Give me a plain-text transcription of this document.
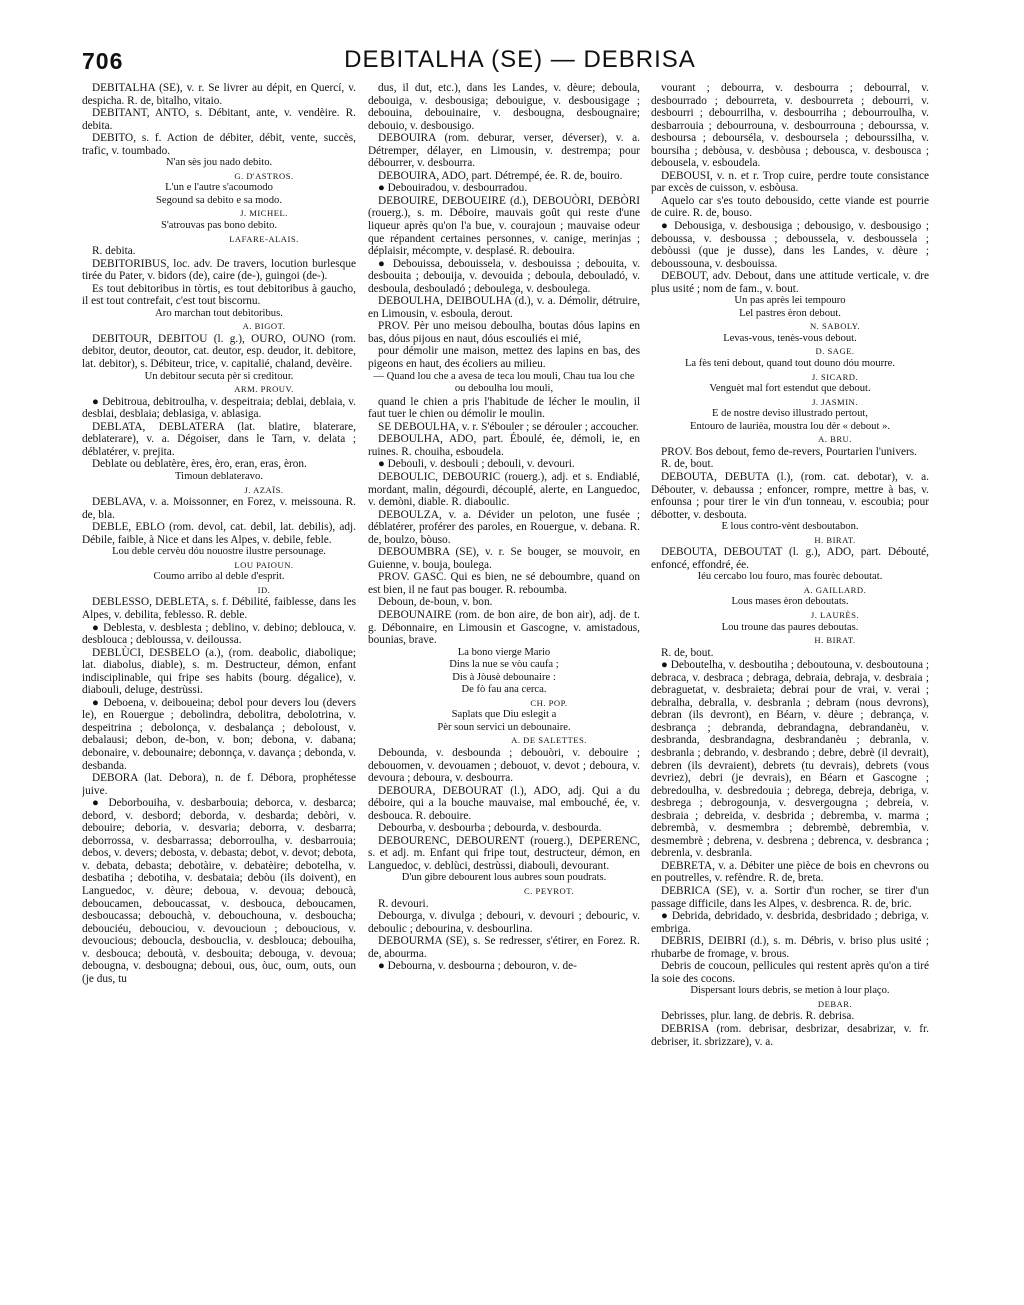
706	DEBITALHA (SE) — DEBRISA

DEBITALHA (SE), v. r. Se livrer au dépit, en Quercí, v. despicha. R. de, bitalho, vitaio.

DEBITANT, ANTO, s. Débitant, ante, v. vendèire. R. debita.

DEBITO, s. f. Action de débiter, débit, vente, succès, trafic, v. toumbado.

N'an sès jou nado debito.

G. D'ASTROS.

L'un e l'autre s'acoumodo

Segound sa debito e sa modo.

J. MICHEL.

S'atrouvas pas bono debito.

LAFARE-ALAIS.

R. debita.

DEBITORIBUS, loc. adv. De travers, locution burlesque tirée du Pater, v. bidors (de), caire (de-), guingoi (de-).

Es tout debitoribus in tòrtis, es tout debitoribus à gaucho, il est tout contrefait, c'est tout biscornu.

Aro marchan tout debitoribus.

A. BIGOT.

DEBITOUR, DEBITOU (l. g.), OURO, OUNO (rom. debitor, deutor, deoutor, cat. deutor, esp. deudor, it. debitore, lat. debitor), s. Débiteur, trice, v. capitalié, chaland, devèire.

Un debitour secuta pèr si creditour.

ARM. PROUV.

● Debitroua, debitroulha, v. despeitraia; deblai, deblaia, v. desblai, desblaia; deblasiga, v. ablasiga.

DEBLATA, DEBLATERA (lat. blatire, blaterare, deblaterare), v. a. Dégoiser, dans le Tarn, v. delata ; déblatérer, v. prejita.

Deblate ou deblatère, ères, èro, eran, eras, èron.

Timoun deblateravo.

J. AZAÏS.

DEBLAVA, v. a. Moissonner, en Forez, v. meissouna. R. de, bla.

DEBLE, EBLO (rom. devol, cat. debil, lat. debilis), adj. Débile, faible, à Nice et dans les Alpes, v. debile, feble.

Lou deble cervèu dóu nouostre ilustre persounage.

LOU PAIOUN.

Coumo arribo al deble d'esprit.

ID.

DEBLESSO, DEBLETA, s. f. Débilité, faiblesse, dans les Alpes, v. debilita, feblesso. R. deble.

● Deblesta, v. desblesta ; deblino, v. debino; deblouca, v. desblouca ; debloussa, v. deiloussa.

DEBLÙCI, DESBELO (a.), (rom. deabolic, diabolique; lat. diabolus, diable), s. m. Destructeur, démon, enfant indisciplinable, qui fripe ses habits (bourg. dégalice), v. diabouli, deluge, destrùssi.

● Deboena, v. deiboueina; debol pour devers lou (devers le), en Rouergue ; debolindra, debolitra, debolotrina, v. despeitrina ; debolonça, v. desbalança ; deboloust, v. debalausi; debon, de-bon, v. bon; debona, v. dabana; debonaire, v. debounaire; debonnça, v. davança ; debonda, v. desbanda.

DEBORA (lat. Debora), n. de f. Débora, prophétesse juive.

● Deborbouiha, v. desbarbouia; deborca, v. desbarca; debord, v. desbord; deborda, v. desbarda; debòri, v. debouire; deboria, v. desvaria; deborra, v. desbarra; deborrossa, v. desbarrassa; deborroulha, v. desbarrouia; debos, v. devers; debosta, v. debasta; debot, v. devot; debota, v. debata, debasta; debotàire, v. debatèire; debotelha, v. desbatiha ; debotiha, v. desbataia; debòu (ils doivent), en Languedoc, v. dèure; deboua, v. devoua; deboucà, deboucamen, deboucassat, v. desbouca, deboucamen, desboucassa; debouchà, v. debouchouna, v. desboucha; debouciéu, debouciou, v. devoucioun ; deboucious, v. devoucious; deboucla, desbouclia, v. desblouca; debouiha, v. desbouca; deboutà, v. desbouita; debouga, v. devoua; debougna, v. desbougna; deboui, ous, òuc, oum, outs, oun (je dus, tu

dus, il dut, etc.), dans les Landes, v. dèure; deboula, debouiga, v. desbousiga; debouigue, v. desbousigage ; debouina, debouinaire, v. desbougna, desbougnaire; debouio, v. desbousigo.

DEBOUIRA (rom. deburar, verser, déverser), v. a. Détremper, délayer, en Limousin, v. destrempa; pour débourrer, v. desbourra.

DEBOUIRA, ADO, part. Détrempé, ée. R. de, bouiro.

● Debouiradou, v. desbourradou.

DEBOUIRE, DEBOUEIRE (d.), DEBOUÒRI, DEBÒRI (rouerg.), s. m. Déboire, mauvais goût qui reste d'une liqueur après qu'on l'a bue, v. courajoun ; mauvaise odeur que répandent certaines personnes, v. canige, merinjas ; déplaisir, mécompte, v. desplasé. R. debouira.

● Debouissa, debouissela, v. desbouissa ; debouita, v. desbouita ; debouija, v. devouida ; deboula, debouladó, v. desboula, desbouladó ; deboulega, v. desboulega.

DEBOULHA, DEIBOULHA (d.), v. a. Démolir, détruire, en Limousin, v. esboula, derout.

PROV. Pèr uno meisou deboulha, boutas dóus lapins en bas, dóus pijous en naut, dóus escouliés ei mié,

pour démolir une maison, mettez des lapins en bas, des pigeons en haut, des écoliers au milieu.

— Quand lou che a avesa de teca lou mouli, Chau tua lou che ou deboulha lou mouli,

quand le chien a pris l'habitude de lécher le moulin, il faut tuer le chien ou démolir le moulin.

SE DEBOULHA, v. r. S'ébouler ; se dérouler ; accoucher.

DEBOULHA, ADO, part. Éboulé, ée, démoli, ie, en ruines. R. chouiha, esboudela.

● Debouli, v. desbouli ; debouli, v. devouri.

DEBOULIC, DEBOURIC (rouerg.), adj. et s. Endiablé, mordant, malin, dégourdi, découplé, alerte, en Languedoc, v. demòni, diable. R. diabouliс.

DEBOULZA, v. a. Dévider un peloton, une fusée ; déblatérer, proférer des paroles, en Rouergue, v. debana. R. de, boulzo, bòuso.

DEBOUMBRA (SE), v. r. Se bouger, se mouvoir, en Guienne, v. bouja, boulega.

PROV. GASC. Qui es bien, ne sé deboumbre, quand on est bien, il ne faut pas bouger. R. reboumba.

Deboun, de-boun, v. bon.

DEBOUNAIRE (rom. de bon aire, de bon air), adj. de t. g. Débonnaire, en Limousin et Gascogne, v. amistadous, bounias, brave.

La bono vierge Mario

Dins la nue se vòu caufa ;

Dis à Jòusè debounaire :

De fò fau ana cerca.

CH. POP.

Saplats que Diu eslegit a

Pèr soun servici un debounaire.

A. DE SALETTES.

Debounda, v. desbounda ; debouòri, v. debouire ; debouomen, v. devouamen ; debouot, v. devot ; deboura, v. devoura ; deboura, v. desbourra.

DEBOURA, DEBOURAT (l.), ADO, adj. Qui a du déboire, qui a la bouche mauvaise, mal embouché, ée, v. desbouca. R. debouire.

Debourba, v. desbourba ; debourda, v. desbourda.

DEBOURENC, DEBOURENT (rouerg.), DEPERENC, s. et adj. m. Enfant qui fripe tout, destructeur, démon, en Languedoc, v. deblùci, destrùssi, diabouli, devourant.

D'un gibre debourent lous aubres soun poudrats.

C. PEYROT.

R. devouri.

Debourga, v. divulga ; debouri, v. devouri ; debouric, v. debouliс ; debourina, v. desbourlina.

DEBOURMA (SE), s. Se redresser, s'étirer, en Forez. R. de, abourma.

● Debourna, v. desbourna ; debouron, v. de-

vourant ; debourra, v. desbourra ; debourral, v. desbourrado ; debourreta, v. desbourreta ; debourri, v. desbourri ; debourrilha, v. desbourriha ; debourroulha, v. desbarrouia ; debourrouna, v. desbourrouna ; debourssa, v. desboursa ; debourséla, v. desboursela ; debourssilha, v. boursiha ; debòusa, v. desbòusa ; debousca, v. desbousca ; debousela, v. esboudela.

DEBOUSI, v. n. et r. Trop cuire, perdre toute consistance par excès de cuisson, v. esbòusa.

Aquelo car s'es touto debousido, cette viande est pourrie de cuire. R. de, bouso.

● Debousiga, v. desbousiga ; debousigo, v. desbousigo ; deboussa, v. desboussa ; deboussela, v. desboussela ; debòussi (que je dusse), dans les Landes, v. dèure ; deboussouna, v. desbouissa.

DEBOUT, adv. Debout, dans une attitude verticale, v. dre plus usité ; nom de fam., v. bout.

Un pas après lei tempouro

Lel pastres èron debout.

N. SABOLY.

Levas-vous, tenès-vous debout.

D. SAGE.

La fès teni debout, quand tout douno dóu mourre.

J. SICARD.

Venguèt mal fort estendut que debout.

J. JASMIN.

E de nostre deviso illustrado pertout,

Entouro de laurièa, moustra lou dèr « debout ».

A. BRU.

PROV. Bos debout, femo de-revers, Pourtarien l'univers.

R. de, bout.

DEBOUTA, DEBUTA (l.), (rom. cat. debotar), v. a. Débouter, v. debaussa ; enfoncer, rompre, mettre à bas, v. enfounsa ; pour tirer le vin d'un tonneau, v. escoubia; pour débotter, v. desbouta.

E lous contro-vènt desboutabon.

H. BIRAT.

DEBOUTA, DEBOUTAT (l. g.), ADO, part. Débouté, enfoncé, effondré, ée.

Iéu cercabo lou fouro, mas fourèc deboutat.

A. GAILLARD.

Lous mases èron deboutats.

J. LAURÈS.

Lou troune das paures deboutas.

H. BIRAT.

R. de, bout.

● Deboutelha, v. desboutiha ; deboutouna, v. desboutouna ; debraca, v. desbraca ; debraga, debraia, debraja, v. desbraia ; debraguetat, v. desbraieta; debrai pour de vrai, v. verai ; debralha, debralla, v. desbranla ; debram (nous devrons), debran (ils devront), en Béarn, v. dèure ; debrança, v. desbrança ; debranda, debrandagna, debrandanèu, v. desbranda, desbrandagna, desbrandanèu ; debranla, v. desbranla ; debrando, v. desbrando ; debre, debrè (il devrait), debren (ils devraient), debrets (tu devrais), debrets (vous devriez), debri (je devrais), en Béarn et Gascogne ; debredoulha, v. desbredouia ; debrega, debreja, debriga, v. desbrega ; debrogounja, v. desvergougna ; debreia, v. desbraia ; debreida, v. desbrida ; debremba, v. marma ; debrembà, v. desmembra ; debrembè, debrembìa, v. desmembrè ; debrena, v. desbrena ; debrenca, v. desbranca ; debrenla, v. desbranla.

DEBRETA, v. a. Débiter une pièce de bois en chevrons ou en poutrelles, v. refèndre. R. de, breta.

DEBRICA (SE), v. a. Sortir d'un rocher, se tirer d'un passage difficile, dans les Alpes, v. desbrenca. R. de, bric.

● Debrida, debridado, v. desbrida, desbridado ; debriga, v. embriga.

DEBRIS, DEIBRI (d.), s. m. Débris, v. briso plus usité ; rhubarbe de fromage, v. brous.

Debris de coucoun, pellicules qui restent après qu'on a tiré la soie des cocons.

Dispersant lours debris, se metion à lour plaço.

DEBAR.

Debrisses, plur. lang. de debris. R. debrisa.

DEBRISA (rom. debrisar, desbrizar, desabrizar, v. fr. debriser, it. sbrizzare), v. a.
